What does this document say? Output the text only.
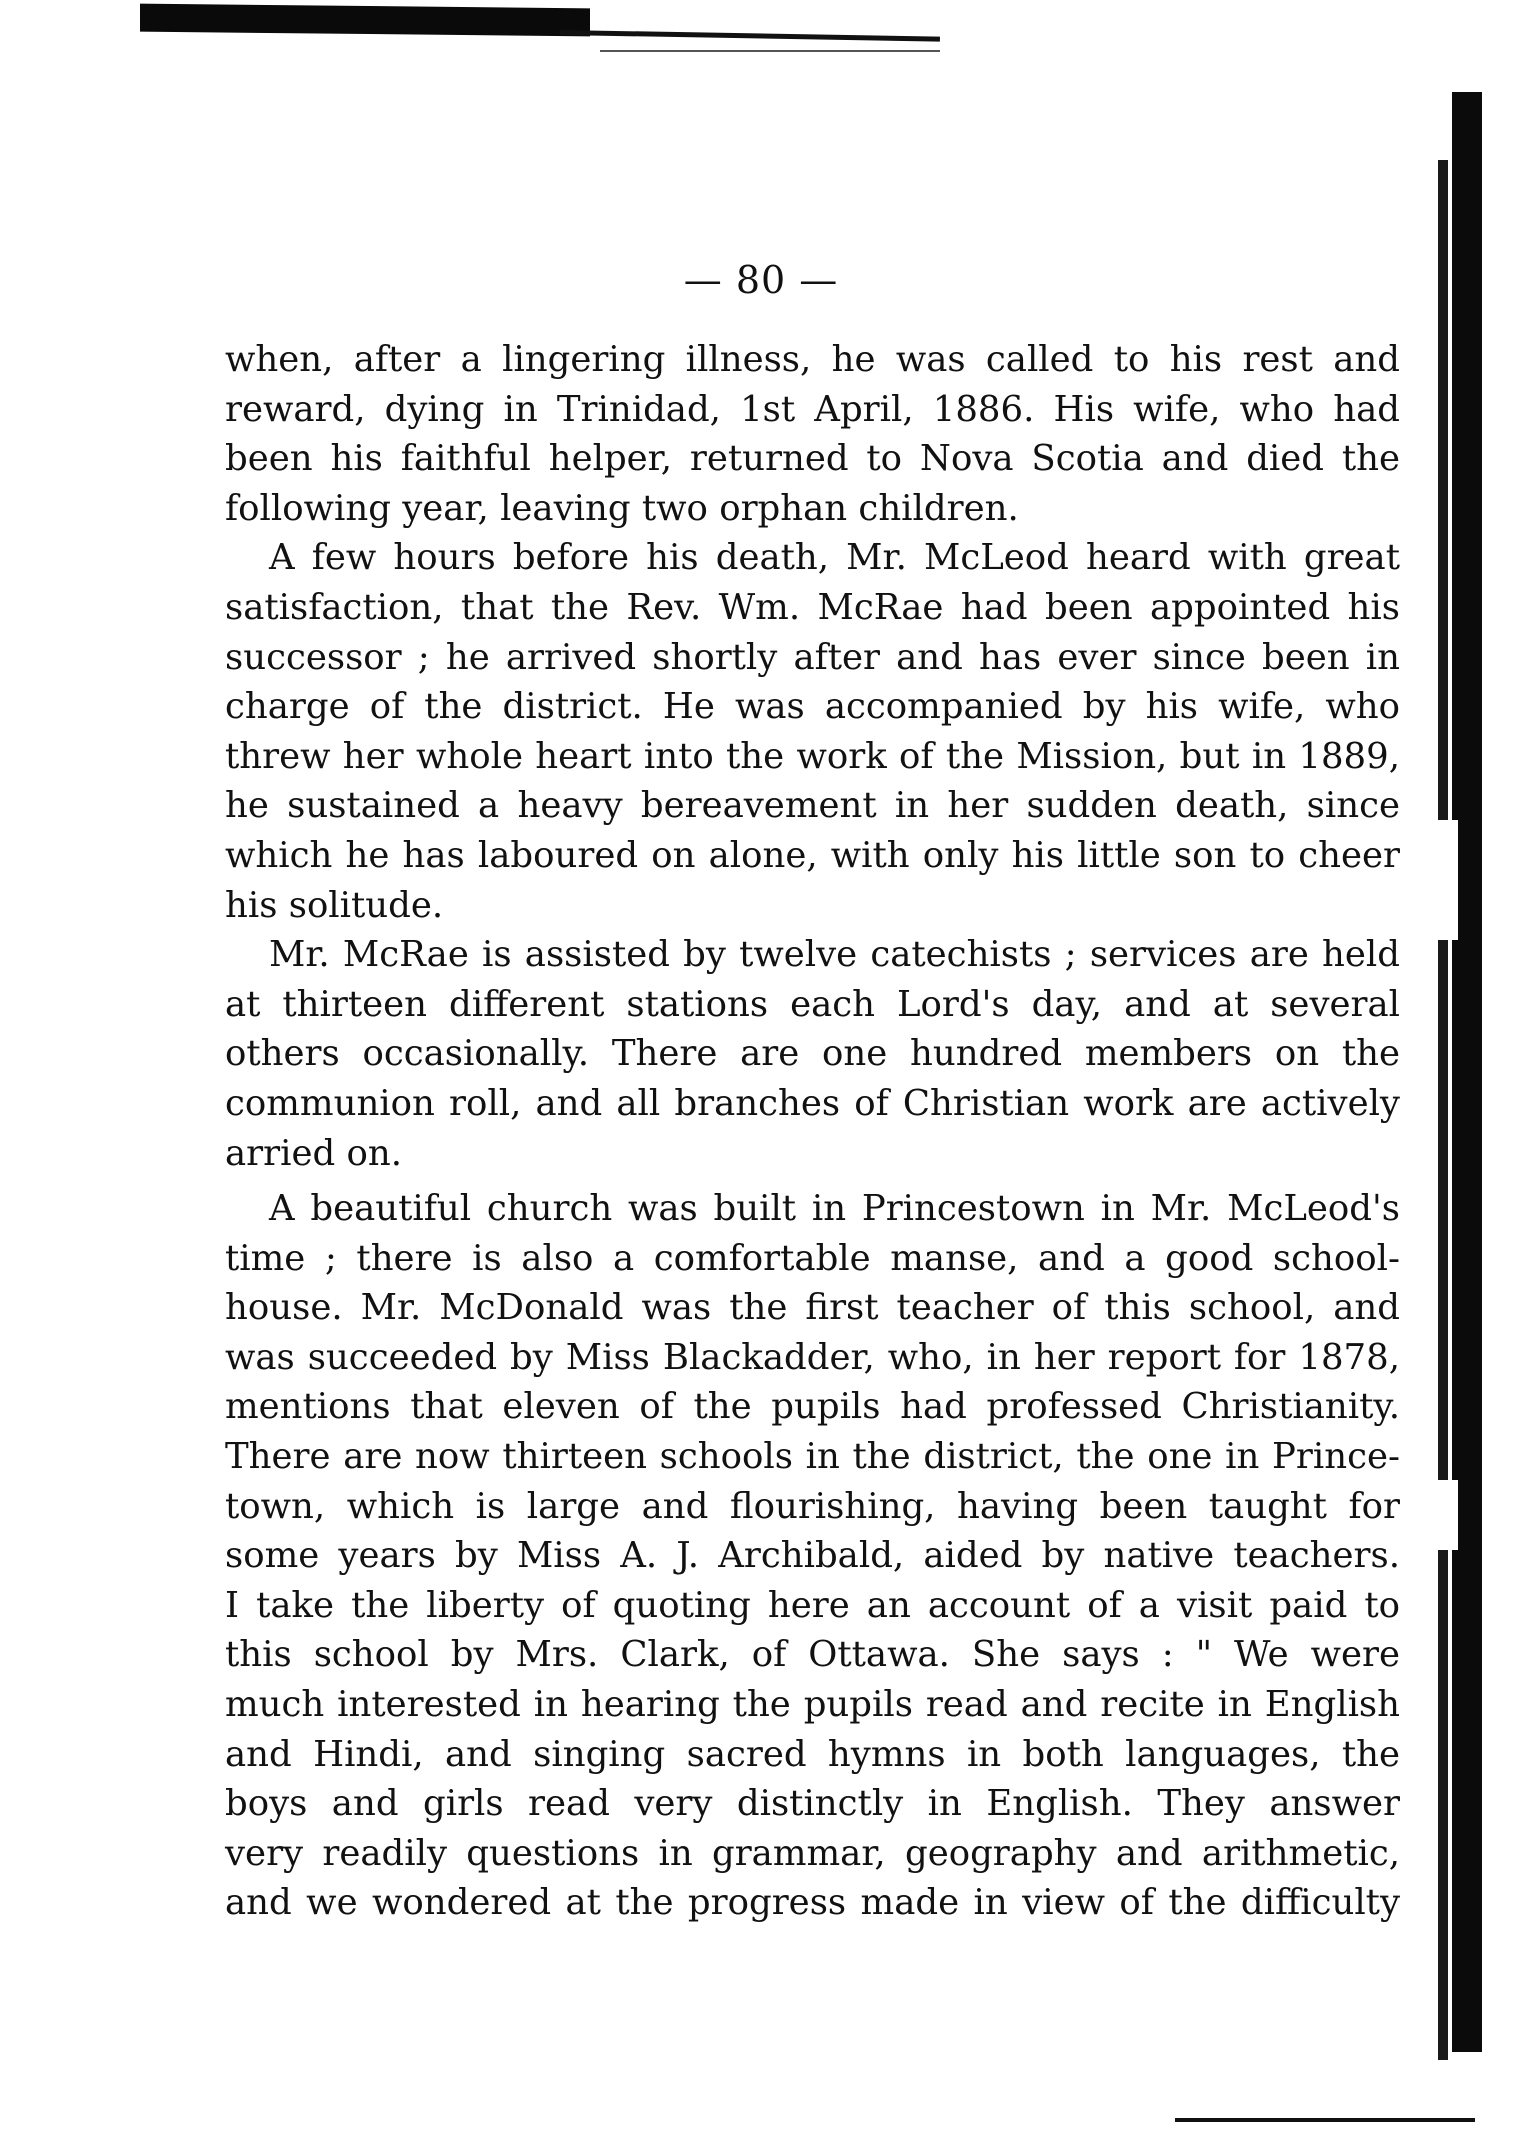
— 80 —
when, after a lingering illness, he was called to his rest and
reward, dying in Trinidad, 1st April, 1886. His wife, who had
been his faithful helper, returned to Nova Scotia and died the
following year, leaving two orphan children.
A few hours before his death, Mr. McLeod heard with great
satisfaction, that the Rev. Wm. McRae had been appointed his
successor ; he arrived shortly after and has ever since been in
charge of the district. He was accompanied by his wife, who
threw her whole heart into the work of the Mission, but in 1889,
he sustained a heavy bereavement in her sudden death, since
which he has laboured on alone, with only his little son to cheer
his solitude.
Mr. McRae is assisted by twelve catechists ; services are held
at thirteen different stations each Lord's day, and at several
others occasionally. There are one hundred members on the
communion roll, and all branches of Christian work are actively
arried on.
A beautiful church was built in Princestown in Mr. McLeod's
time ; there is also a comfortable manse, and a good school-
house. Mr. McDonald was the first teacher of this school, and
was succeeded by Miss Blackadder, who, in her report for 1878,
mentions that eleven of the pupils had professed Christianity.
There are now thirteen schools in the district, the one in Prince-
town, which is large and flourishing, having been taught for
some years by Miss A. J. Archibald, aided by native teachers.
I take the liberty of quoting here an account of a visit paid to
this school by Mrs. Clark, of Ottawa. She says : " We were
much interested in hearing the pupils read and recite in English
and Hindi, and singing sacred hymns in both languages, the
boys and girls read very distinctly in English. They answer
very readily questions in grammar, geography and arithmetic,
and we wondered at the progress made in view of the difficulty
